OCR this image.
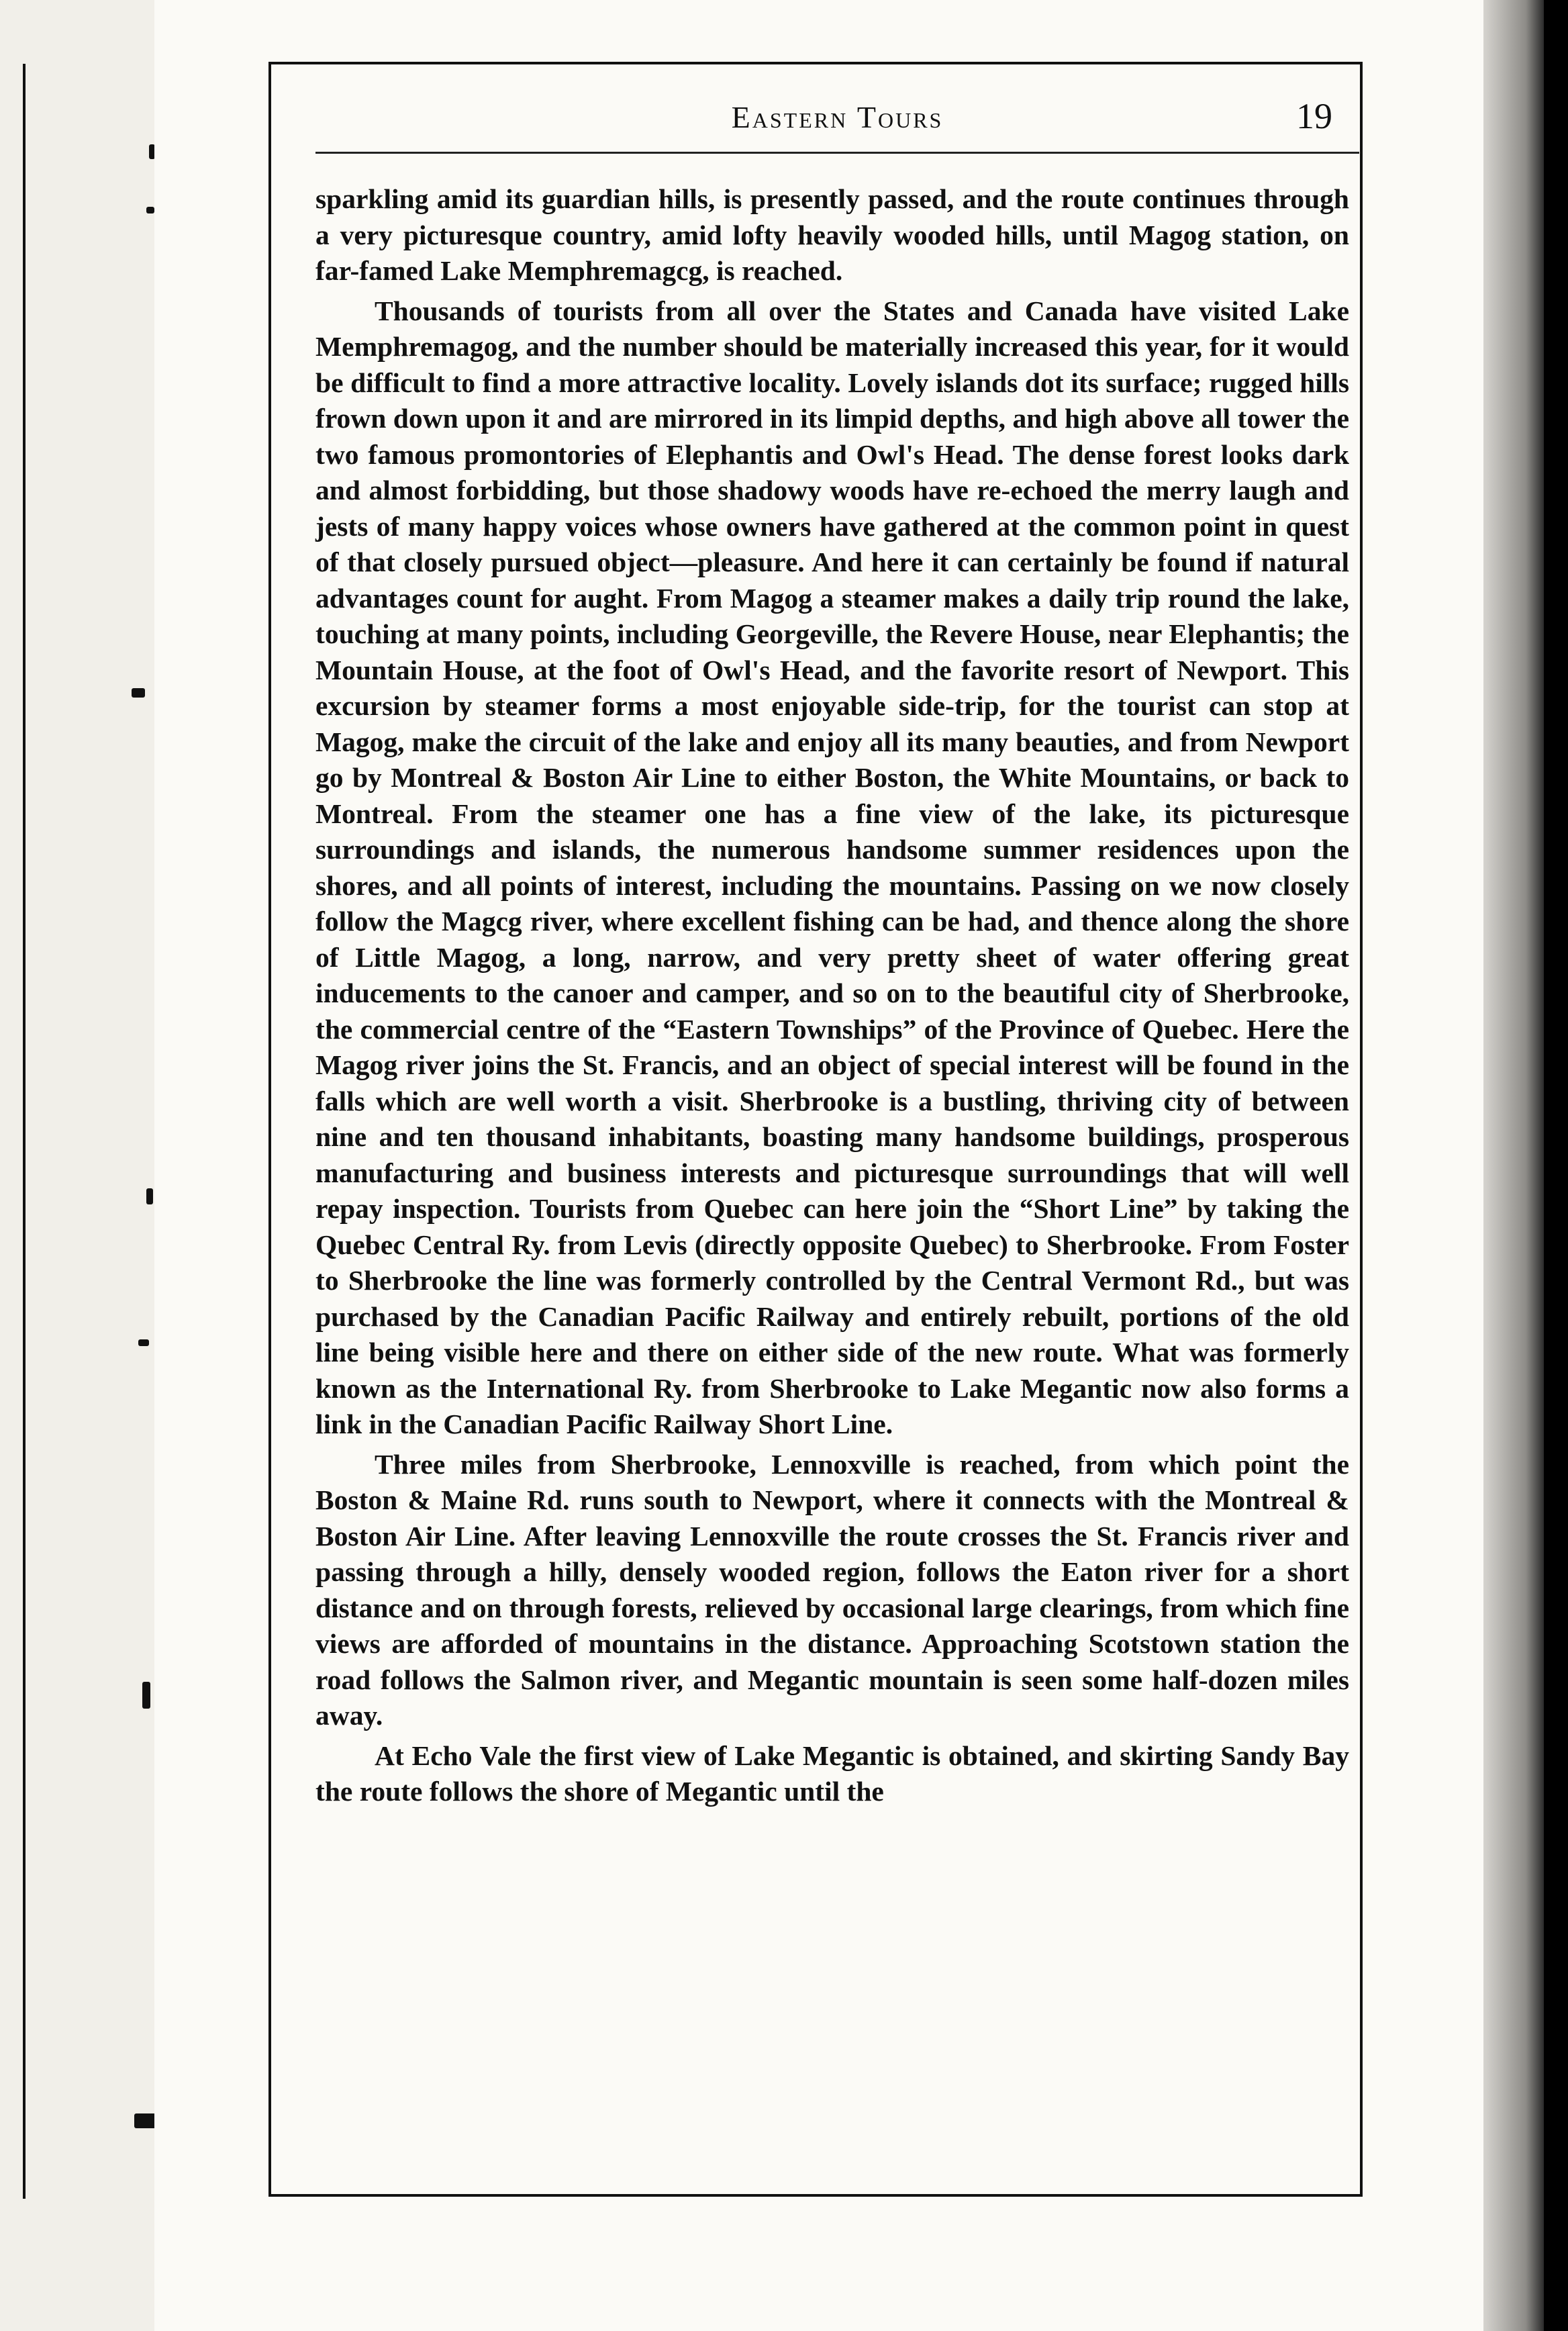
Eastern Tours	19

sparkling amid its guardian hills, is presently passed, and the route continues through a very picturesque country, amid lofty heavily wooded hills, until Magog station, on far-famed Lake Memphremagcg, is reached.

Thousands of tourists from all over the States and Canada have visited Lake Memphremagog, and the number should be materially increased this year, for it would be difficult to find a more attractive locality. Lovely islands dot its surface; rugged hills frown down upon it and are mirrored in its limpid depths, and high above all tower the two famous promontories of Elephantis and Owl's Head. The dense forest looks dark and almost forbidding, but those shadowy woods have re-echoed the merry laugh and jests of many happy voices whose owners have gathered at the common point in quest of that closely pursued object—pleasure. And here it can certainly be found if natural advantages count for aught. From Magog a steamer makes a daily trip round the lake, touching at many points, including Georgeville, the Revere House, near Elephantis; the Mountain House, at the foot of Owl's Head, and the favorite resort of Newport. This excursion by steamer forms a most enjoyable side-trip, for the tourist can stop at Magog, make the circuit of the lake and enjoy all its many beauties, and from Newport go by Montreal & Boston Air Line to either Boston, the White Mountains, or back to Montreal. From the steamer one has a fine view of the lake, its picturesque surroundings and islands, the numerous handsome summer residences upon the shores, and all points of interest, including the mountains. Passing on we now closely follow the Magcg river, where excellent fishing can be had, and thence along the shore of Little Magog, a long, narrow, and very pretty sheet of water offering great inducements to the canoer and camper, and so on to the beautiful city of Sherbrooke, the commercial centre of the “Eastern Townships” of the Province of Quebec. Here the Magog river joins the St. Francis, and an object of special interest will be found in the falls which are well worth a visit. Sherbrooke is a bustling, thriving city of between nine and ten thousand inhabitants, boasting many handsome buildings, prosperous manufacturing and business interests and picturesque surroundings that will well repay inspection. Tourists from Quebec can here join the “Short Line” by taking the Quebec Central Ry. from Levis (directly opposite Quebec) to Sherbrooke. From Foster to Sherbrooke the line was formerly controlled by the Central Vermont Rd., but was purchased by the Canadian Pacific Railway and entirely rebuilt, portions of the old line being visible here and there on either side of the new route. What was formerly known as the International Ry. from Sherbrooke to Lake Megantic now also forms a link in the Canadian Pacific Railway Short Line.

Three miles from Sherbrooke, Lennoxville is reached, from which point the Boston & Maine Rd. runs south to Newport, where it connects with the Montreal & Boston Air Line. After leaving Lennoxville the route crosses the St. Francis river and passing through a hilly, densely wooded region, follows the Eaton river for a short distance and on through forests, relieved by occasional large clearings, from which fine views are afforded of mountains in the distance. Approaching Scotstown station the road follows the Salmon river, and Megantic mountain is seen some half-dozen miles away.

At Echo Vale the first view of Lake Megantic is obtained, and skirting Sandy Bay the route follows the shore of Megantic until the
